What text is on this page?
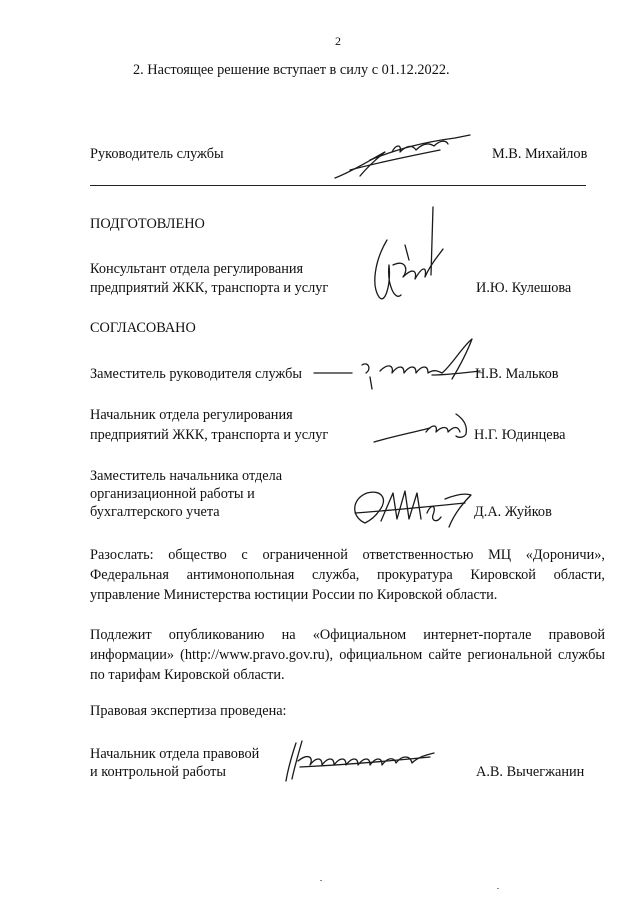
2
2. Настоящее решение вступает в силу с 01.12.2022.
Руководитель службы	М.В. Михайлов
ПОДГОТОВЛЕНО
Консультант отдела регулирования
предприятий ЖКК, транспорта и услуг	И.Ю. Кулешова
СОГЛАСОВАНО
Заместитель руководителя службы	Н.В. Мальков
Начальник отдела регулирования
предприятий ЖКК, транспорта и услуг	Н.Г. Юдинцева
Заместитель начальника отдела
организационной работы и
бухгалтерского учета	Д.А. Жуйков
Разослать: общество с ограниченной ответственностью МЦ «Дороничи», Федеральная антимонопольная служба, прокуратура Кировской области, управление Министерства юстиции России по Кировской области.
Подлежит опубликованию на «Официальном интернет-портале правовой информации» (http://www.pravo.gov.ru), официальном сайте региональной службы по тарифам Кировской области.
Правовая экспертиза проведена:
Начальник отдела правовой
и контрольной работы	А.В. Вычегжанин
